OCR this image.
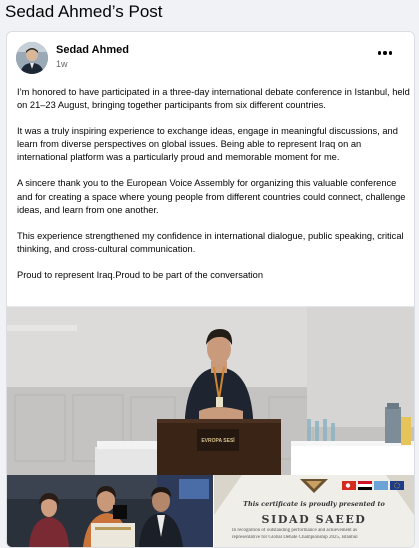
Sedad Ahmed’s Post
Sedad Ahmed
1w

I’m honored to have participated in a three-day international debate conference in Istanbul, held on 21–23 August, bringing together participants from six different countries.

It was a truly inspiring experience to exchange ideas, engage in meaningful discussions, and learn from diverse perspectives on global issues. Being able to represent Iraq on an international platform was a particularly proud and memorable moment for me.

A sincere thank you to the European Voice Assembly for organizing this valuable conference and for creating a space where young people from different countries could connect, challenge ideas, and learn from one another.

This experience strengthened my confidence in international dialogue, public speaking, critical thinking, and cross-cultural communication.

Proud to represent Iraq.Proud to be part of the conversation

EVROPA SESİ
This certificate is proudly presented to
SIDAD SAEED
In recognition of outstanding performance and achievement as
representative for Global Debate Championship 2025, Istanbul
